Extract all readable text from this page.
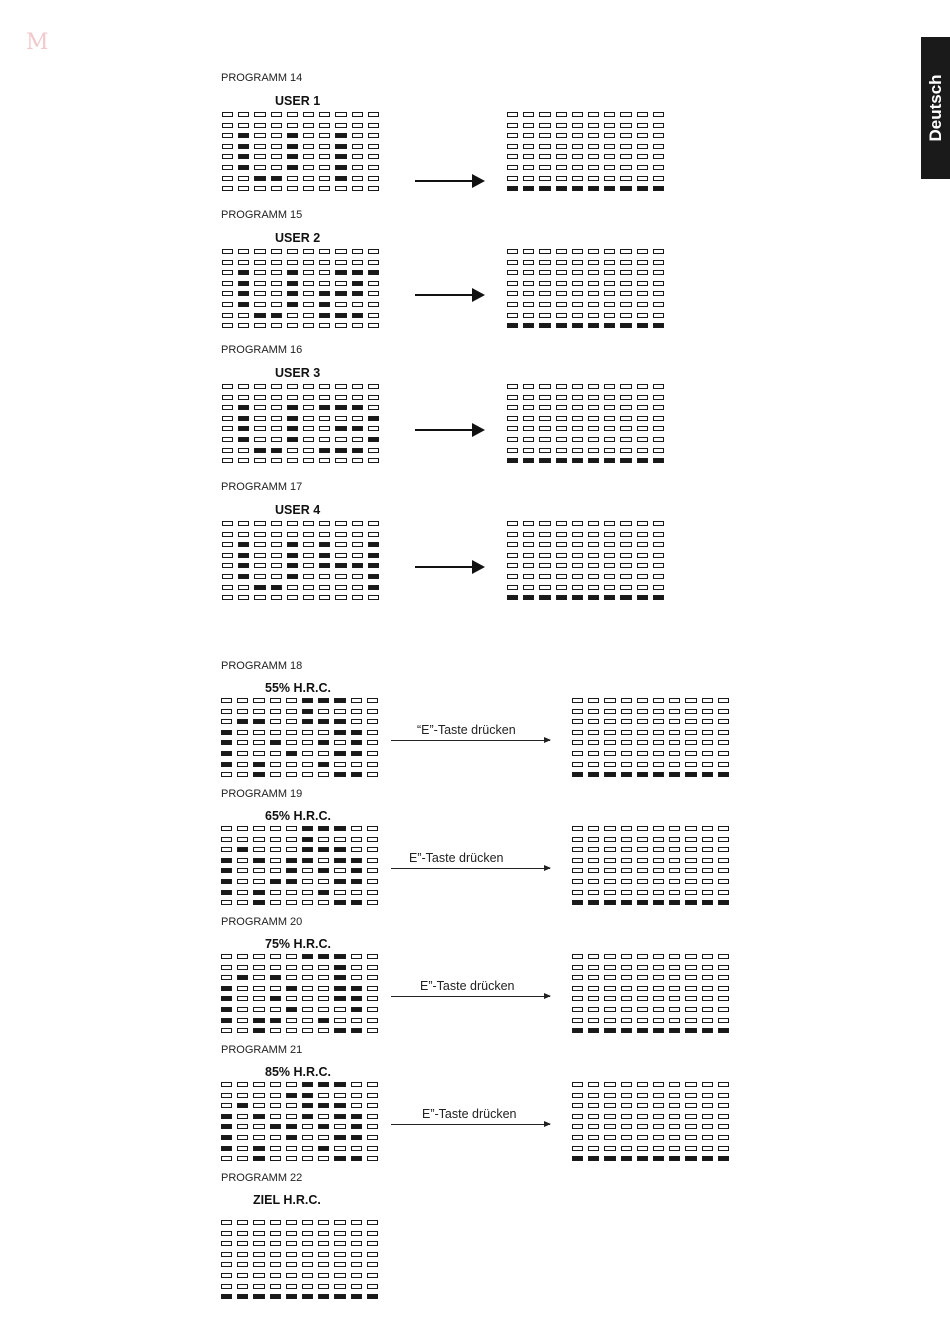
M
Deutsch
PROGRAMM 14
USER 1
PROGRAMM 15
USER 2
PROGRAMM 16
USER 3
PROGRAMM 17
USER 4
PROGRAMM 18
55% H.R.C.
“E”-Taste drücken
PROGRAMM 19
65% H.R.C.
E”-Taste drücken
PROGRAMM 20
75% H.R.C.
E”-Taste drücken
PROGRAMM 21
85% H.R.C.
E”-Taste drücken
PROGRAMM 22
ZIEL H.R.C.
